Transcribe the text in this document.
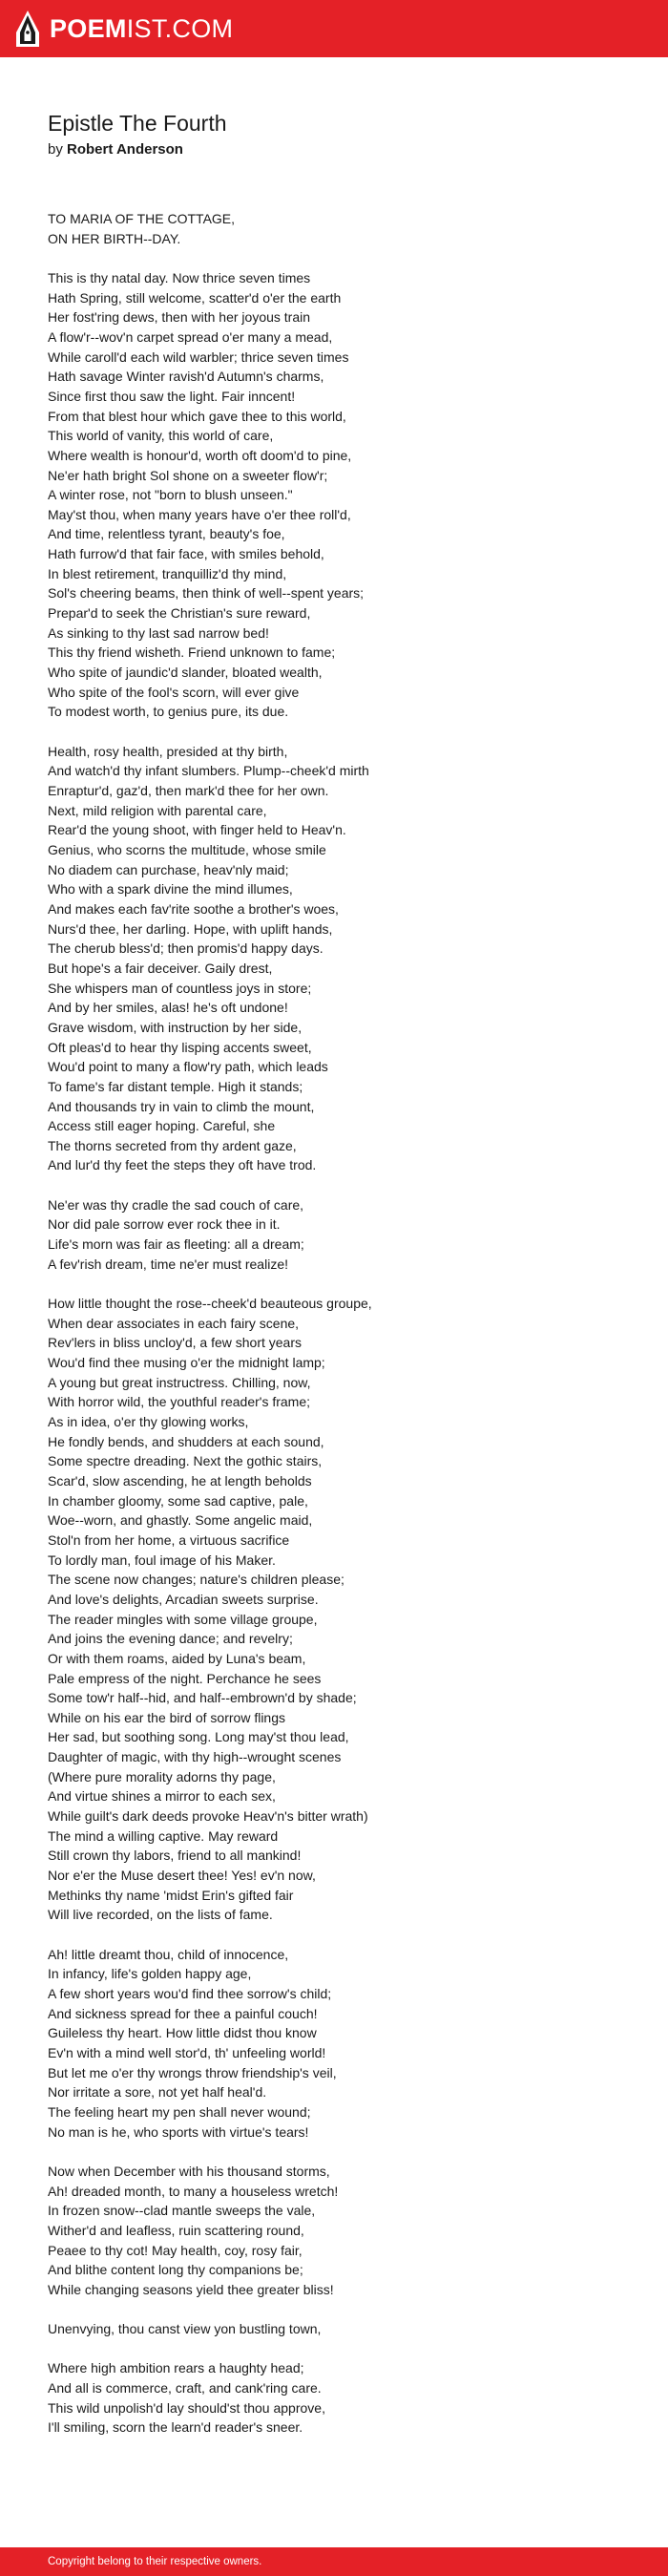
POEMIST.COM
Epistle The Fourth
by Robert Anderson
TO MARIA OF THE COTTAGE,
ON HER BIRTH--DAY.
This is thy natal day. Now thrice seven times
Hath Spring, still welcome, scatter'd o'er the earth
Her fost'ring dews, then with her joyous train
A flow'r--wov'n carpet spread o'er many a mead,
While caroll'd each wild warbler; thrice seven times
Hath savage Winter ravish'd Autumn's charms,
Since first thou saw the light. Fair inncent!
From that blest hour which gave thee to this world,
This world of vanity, this world of care,
Where wealth is honour'd, worth oft doom'd to pine,
Ne'er hath bright Sol shone on a sweeter flow'r;
A winter rose, not "born to blush unseen."
May'st thou, when many years have o'er thee roll'd,
And time, relentless tyrant, beauty's foe,
Hath furrow'd that fair face, with smiles behold,
In blest retirement, tranquilliz'd thy mind,
Sol's cheering beams, then think of well--spent years;
Prepar'd to seek the Christian's sure reward,
As sinking to thy last sad narrow bed!
This thy friend wisheth. Friend unknown to fame;
Who spite of jaundic'd slander, bloated wealth,
Who spite of the fool's scorn, will ever give
To modest worth, to genius pure, its due.
Health, rosy health, presided at thy birth,
And watch'd thy infant slumbers. Plump--cheek'd mirth
Enraptur'd, gaz'd, then mark'd thee for her own.
Next, mild religion with parental care,
Rear'd the young shoot, with finger held to Heav'n.
Genius, who scorns the multitude, whose smile
No diadem can purchase, heav'nly maid;
Who with a spark divine the mind illumes,
And makes each fav'rite soothe a brother's woes,
Nurs'd thee, her darling. Hope, with uplift hands,
The cherub bless'd; then promis'd happy days.
But hope's a fair deceiver. Gaily drest,
She whispers man of countless joys in store;
And by her smiles, alas! he's oft undone!
Grave wisdom, with instruction by her side,
Oft pleas'd to hear thy lisping accents sweet,
Wou'd point to many a flow'ry path, which leads
To fame's far distant temple. High it stands;
And thousands try in vain to climb the mount,
Access still eager hoping. Careful, she
The thorns secreted from thy ardent gaze,
And lur'd thy feet the steps they oft have trod.
Ne'er was thy cradle the sad couch of care,
Nor did pale sorrow ever rock thee in it.
Life's morn was fair as fleeting: all a dream;
A fev'rish dream, time ne'er must realize!
How little thought the rose--cheek'd beauteous groupe,
When dear associates in each fairy scene,
Rev'lers in bliss uncloy'd, a few short years
Wou'd find thee musing o'er the midnight lamp;
A young but great instructress. Chilling, now,
With horror wild, the youthful reader's frame;
As in idea, o'er thy glowing works,
He fondly bends, and shudders at each sound,
Some spectre dreading. Next the gothic stairs,
Scar'd, slow ascending, he at length beholds
In chamber gloomy, some sad captive, pale,
Woe--worn, and ghastly. Some angelic maid,
Stol'n from her home, a virtuous sacrifice
To lordly man, foul image of his Maker.
The scene now changes; nature's children please;
And love's delights, Arcadian sweets surprise.
The reader mingles with some village groupe,
And joins the evening dance; and revelry;
Or with them roams, aided by Luna's beam,
Pale empress of the night. Perchance he sees
Some tow'r half--hid, and half--embrown'd by shade;
While on his ear the bird of sorrow flings
Her sad, but soothing song. Long may'st thou lead,
Daughter of magic, with thy high--wrought scenes
(Where pure morality adorns thy page,
And virtue shines a mirror to each sex,
While guilt's dark deeds provoke Heav'n's bitter wrath)
The mind a willing captive. May reward
Still crown thy labors, friend to all mankind!
Nor e'er the Muse desert thee! Yes! ev'n now,
Methinks thy name 'midst Erin's gifted fair
Will live recorded, on the lists of fame.
Ah! little dreamt thou, child of innocence,
In infancy, life's golden happy age,
A few short years wou'd find thee sorrow's child;
And sickness spread for thee a painful couch!
Guileless thy heart. How little didst thou know
Ev'n with a mind well stor'd, th' unfeeling world!
But let me o'er thy wrongs throw friendship's veil,
Nor irritate a sore, not yet half heal'd.
The feeling heart my pen shall never wound;
No man is he, who sports with virtue's tears!
Now when December with his thousand storms,
Ah! dreaded month, to many a houseless wretch!
In frozen snow--clad mantle sweeps the vale,
Wither'd and leafless, ruin scattering round,
Peaee to thy cot! May health, coy, rosy fair,
And blithe content long thy companions be;
While changing seasons yield thee greater bliss!
Unenvying, thou canst view yon bustling town,
Where high ambition rears a haughty head;
And all is commerce, craft, and cank'ring care.
This wild unpolish'd lay should'st thou approve,
I'll smiling, scorn the learn'd reader's sneer.
Copyright belong to their respective owners.
